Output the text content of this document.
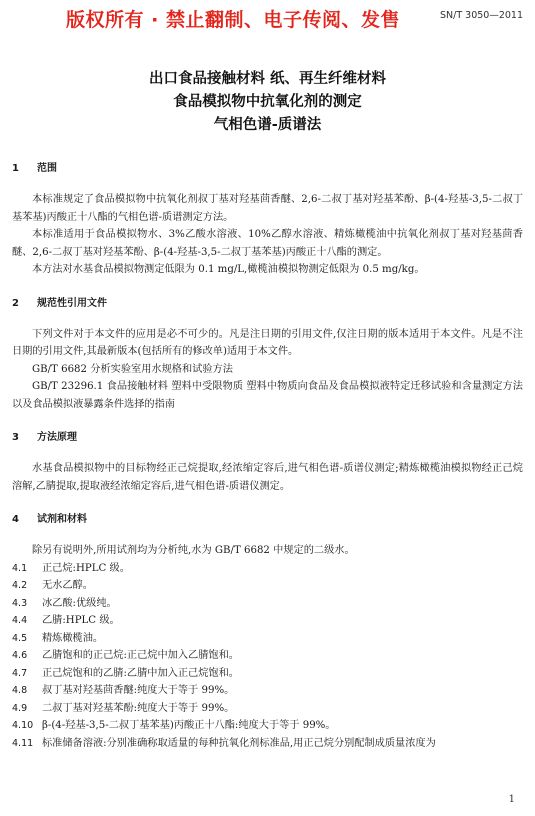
版权所有 · 禁止翻制、电子传阅、发售	SN/T 3050—2011
出口食品接触材料 纸、再生纤维材料
食品模拟物中抗氧化剂的测定
气相色谱-质谱法
1 范围

本标准规定了食品模拟物中抗氧化剂叔丁基对羟基茴香醚、2,6-二叔丁基对羟基苯酚、β-(4-羟基-3,5-二叔丁基苯基)丙酸正十八酯的气相色谱-质谱测定方法。

本标准适用于食品模拟物水、3%乙酸水溶液、10%乙醇水溶液、精炼橄榄油中抗氧化剂叔丁基对羟基茴香醚、2,6-二叔丁基对羟基苯酚、β-(4-羟基-3,5-二叔丁基苯基)丙酸正十八酯的测定。

本方法对水基食品模拟物测定低限为 0.1 mg/L,橄榄油模拟物测定低限为 0.5 mg/kg。

2 规范性引用文件

下列文件对于本文件的应用是必不可少的。凡是注日期的引用文件,仅注日期的版本适用于本文件。凡是不注日期的引用文件,其最新版本(包括所有的修改单)适用于本文件。

GB/T 6682 分析实验室用水规格和试验方法

GB/T 23296.1 食品接触材料 塑料中受限物质 塑料中物质向食品及食品模拟液特定迁移试验和含量测定方法以及食品模拟液暴露条件选择的指南

3 方法原理

水基食品模拟物中的目标物经正己烷提取,经浓缩定容后,进气相色谱-质谱仪测定;精炼橄榄油模拟物经正己烷溶解,乙腈提取,提取液经浓缩定容后,进气相色谱-质谱仪测定。

4 试剂和材料

除另有说明外,所用试剂均为分析纯,水为 GB/T 6682 中规定的二级水。

4.1 正己烷:HPLC 级。

4.2 无水乙醇。

4.3 冰乙酸:优级纯。

4.4 乙腈:HPLC 级。

4.5 精炼橄榄油。

4.6 乙腈饱和的正己烷:正己烷中加入乙腈饱和。

4.7 正己烷饱和的乙腈:乙腈中加入正己烷饱和。

4.8 叔丁基对羟基茴香醚:纯度大于等于 99%。

4.9 二叔丁基对羟基苯酚:纯度大于等于 99%。

4.10 β-(4-羟基-3,5-二叔丁基苯基)丙酸正十八酯:纯度大于等于 99%。

4.11 标准储备溶液:分别准确称取适量的每种抗氧化剂标准品,用正己烷分别配制成质量浓度为

1
